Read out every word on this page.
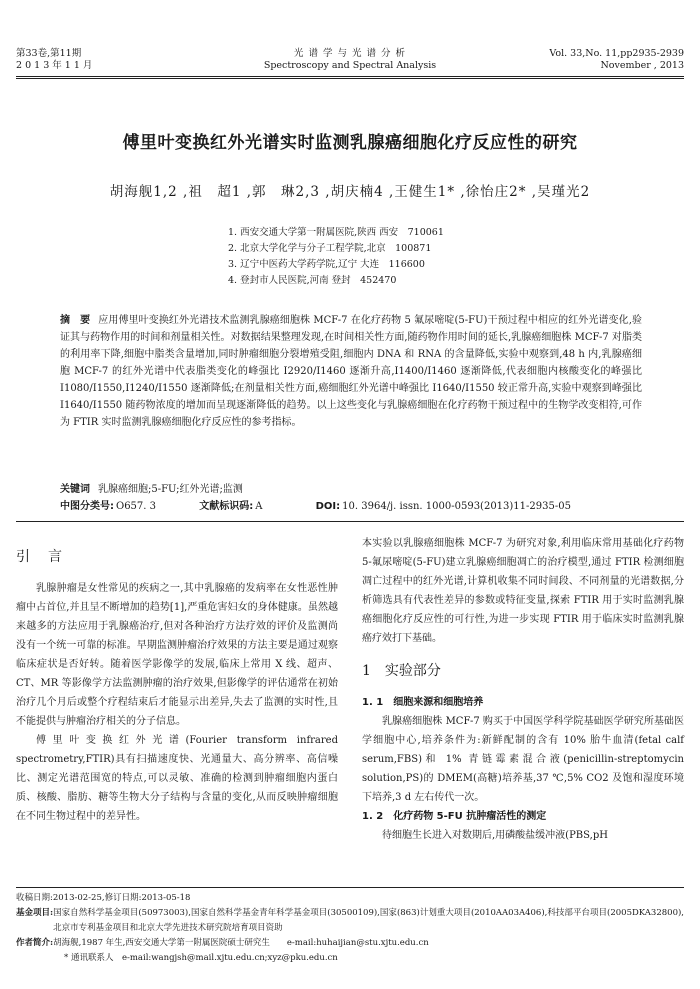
第33卷,第11期
2 0 1 3 年 1 1 月
光 谱 学 与 光 谱 分 析
Spectroscopy and Spectral Analysis
Vol. 33,No. 11,pp2935-2939
November , 2013
傅里叶变换红外光谱实时监测乳腺癌细胞化疗反应性的研究
胡海舰1,2 ,祖　超1 ,郭　琳2,3 ,胡庆楠4 ,王健生1* ,徐怡庄2* ,吴瑾光2
1. 西安交通大学第一附属医院,陕西 西安　710061
2. 北京大学化学与分子工程学院,北京　100871
3. 辽宁中医药大学药学院,辽宁 大连　116600
4. 登封市人民医院,河南 登封　452470
摘　要 应用傅里叶变换红外光谱技术监测乳腺癌细胞株 MCF-7 在化疗药物 5 氟尿嘧啶(5-FU)干预过程中相应的红外光谱变化,验证其与药物作用的时间和剂量相关性。对数据结果整理发现,在时间相关性方面,随药物作用时间的延长,乳腺癌细胞株 MCF-7 对脂类的利用率下降,细胞中脂类含量增加,同时肿瘤细胞分裂增殖受阻,细胞内 DNA 和 RNA 的含量降低,实验中观察到,48 h 内,乳腺癌细胞 MCF-7 的红外光谱中代表脂类变化的峰强比 I2920/I1460 逐渐升高,I1400/I1460 逐渐降低,代表细胞内核酸变化的峰强比 I1080/I1550,I1240/I1550 逐渐降低;在剂量相关性方面,癌细胞红外光谱中峰强比 I1640/I1550 较正常升高,实验中观察到峰强比 I1640/I1550 随药物浓度的增加而呈现逐渐降低的趋势。以上这些变化与乳腺癌细胞在化疗药物干预过程中的生物学改变相符,可作为 FTIR 实时监测乳腺癌细胞化疗反应性的参考指标。
关键词 乳腺癌细胞;5-FU;红外光谱;监测
中图分类号: O657. 3	文献标识码: A	DOI: 10. 3964/j. issn. 1000-0593(2013)11-2935-05
引　言
乳腺肿瘤是女性常见的疾病之一,其中乳腺癌的发病率在女性恶性肿瘤中占首位,并且呈不断增加的趋势[1],严重危害妇女的身体健康。虽然越来越多的方法应用于乳腺癌治疗,但对各种治疗方法疗效的评价及监测尚没有一个统一可靠的标准。早期监测肿瘤治疗效果的方法主要是通过观察临床症状是否好转。随着医学影像学的发展,临床上常用 X 线、超声、CT、MR 等影像学方法监测肿瘤的治疗效果,但影像学的评估通常在初始治疗几个月后或整个疗程结束后才能显示出差异,失去了监测的实时性,且不能提供与肿瘤治疗相关的分子信息。
傅里叶变换红外光谱(Fourier transform infrared spectrometry,FTIR)具有扫描速度快、光通量大、高分辨率、高信噪比、测定光谱范围宽的特点,可以灵敏、准确的检测到肿瘤细胞内蛋白质、核酸、脂肪、糖等生物大分子结构与含量的变化,从而反映肿瘤细胞在不同生物过程中的差异性。
本实验以乳腺癌细胞株 MCF-7 为研究对象,利用临床常用基础化疗药物 5-氟尿嘧啶(5-FU)建立乳腺癌细胞凋亡的治疗模型,通过 FTIR 检测细胞凋亡过程中的红外光谱,计算机收集不同时间段、不同剂量的光谱数据,分析筛选具有代表性差异的参数或特征变量,探索 FTIR 用于实时监测乳腺癌细胞化疗反应性的可行性,为进一步实现 FTIR 用于临床实时监测乳腺癌疗效打下基础。
1　实验部分
1. 1　细胞来源和细胞培养
乳腺癌细胞株 MCF-7 购买于中国医学科学院基础医学研究所基础医学细胞中心,培养条件为:新鲜配制的含有 10% 胎牛血清(fetal calf serum,FBS)和 1% 青链霉素混合液(penicillin-streptomycin solution,PS)的 DMEM(高糖)培养基,37 ℃,5% CO2 及饱和湿度环境下培养,3 d 左右传代一次。
1. 2　化疗药物 5-FU 抗肿瘤活性的测定
待细胞生长进入对数期后,用磷酸盐缓冲液(PBS,pH
收稿日期:2013-02-25,修订日期:2013-05-18
基金项目: 国家自然科学基金项目(50973003),国家自然科学基金青年科学基金项目(30500109),国家(863)计划重大项目(2010AA03A406),科技部平台项目(2005DKA32800),北京市专利基金项目和北京大学先进技术研究院培育项目资助
作者简介: 胡海舰,1987 年生,西安交通大学第一附属医院硕士研究生　　e-mail:huhaijian@stu.xjtu.edu.cn
* 通讯联系人　e-mail:wangjsh@mail.xjtu.edu.cn;xyz@pku.edu.cn
